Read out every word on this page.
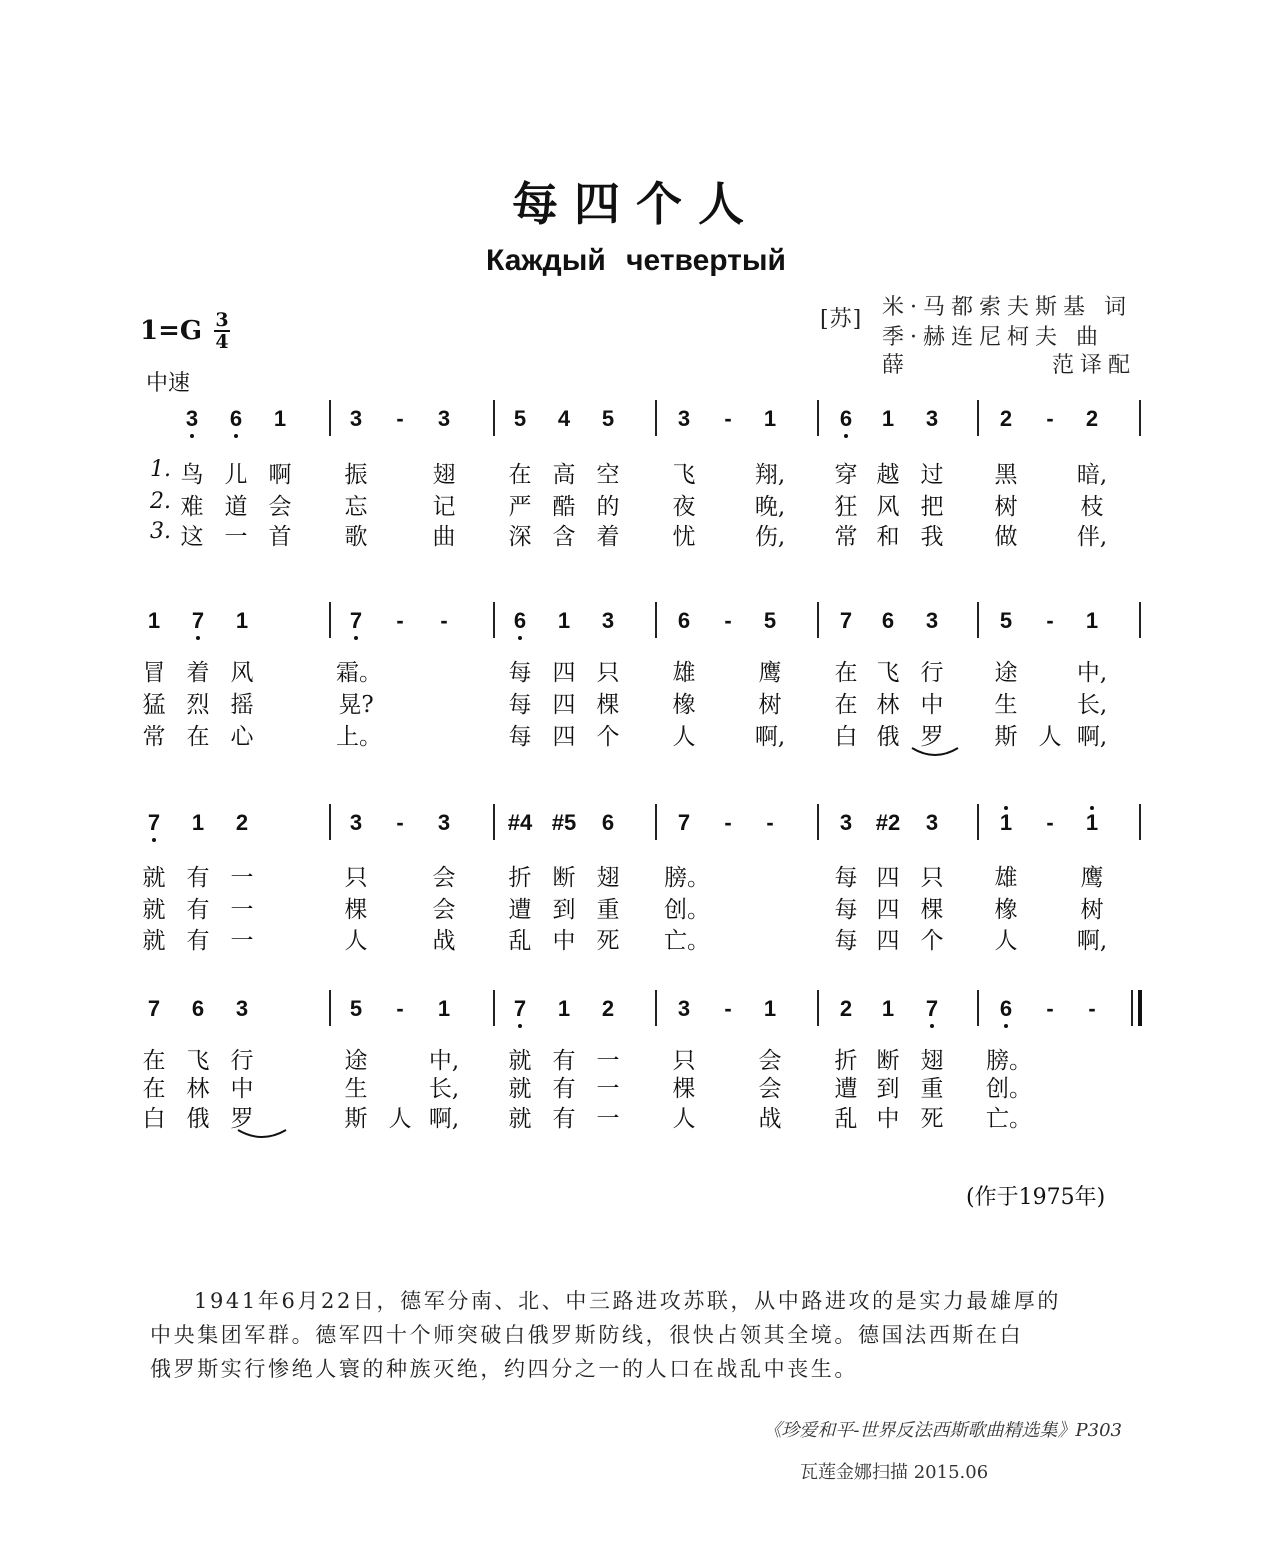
每四个人
Каждый четвертый
[苏] 米·马都索夫斯基 词
季·赫连尼柯夫 曲
薛	范译配
1=G 3
4
中速
3	6	1	3	-	3	5	4	5	3	-	1	6	1	3	2	-	2
鸟 儿 啊	振	翅	在 高 空	飞	翔,	穿 越 过	黑	暗,
难 道 会	忘	记	严 酷 的	夜	晚,	狂 风 把	树	枝
这 一 首	歌	曲	深 含 着	忧	伤,	常 和 我	做	伴,
1.
2.
3.
1	7	1	7	-	-	6	1	3	6	-	5	7	6	3	5	-	1
冒 着 风	霜。	每 四 只	雄	鹰	在 飞 行	途	中,
猛 烈 摇	晃?	每 四 棵	橡	树	在 林 中	生	长,
常 在 心	上。	每 四 个	人	啊,	白 俄 罗	斯 人 啊,
7	1	2	3	-	3	#4 #5	6	7	-	-	3	#2	3	1	-	1
就 有 一	只	会	折 断 翅	膀。	每 四 只	雄	鹰
就 有 一	棵	会	遭 到 重	创。	每 四 棵	橡	树
就 有 一	人	战	乱 中 死	亡。	每 四 个	人	啊,
7	6	3	5	-	1	7	1	2	3	-	1	2	1	7	6	-	-
在 飞 行	途	中,	就 有 一	只	会	折 断 翅	膀。
在 林 中	生	长,	就 有 一	棵	会	遭 到 重	创。
白 俄 罗	斯 人 啊,	就 有 一	人	战	乱 中 死	亡。
(作于1975年)
1941年6月22日，德军分南、北、中三路进攻苏联，从中路进攻的是实力最雄厚的
中央集团军群。德军四十个师突破白俄罗斯防线，很快占领其全境。德国法西斯在白
俄罗斯实行惨绝人寰的种族灭绝，约四分之一的人口在战乱中丧生。
《珍爱和平-世界反法西斯歌曲精选集》P303
瓦莲金娜扫描 2015.06
